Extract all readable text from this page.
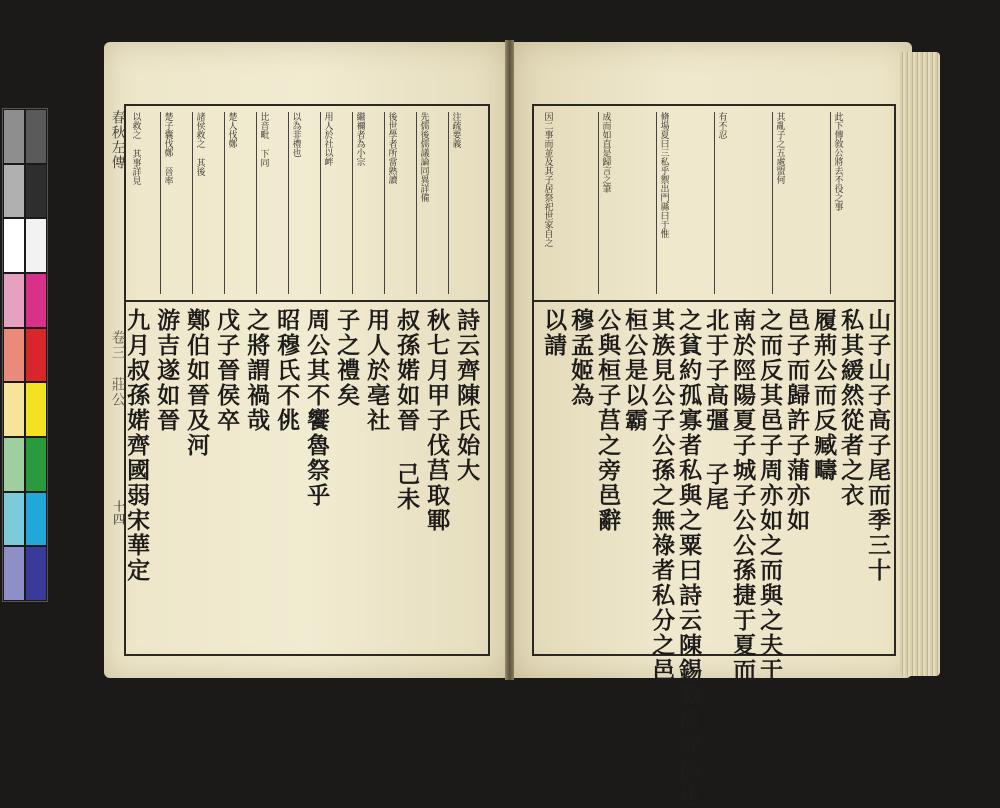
春秋左傳
卷三 莊公
十四
注疏要義
先儒後儒議論同異詳備
後世學者所當熟讀
繼禰者為小宗
用人於社以衅
以為非禮也
比音毗 下同
楚人伐鄭
諸侯救之 其後
楚子囊伐鄭 晉率
以救之 其事詳見
詩云齊陳氏始大
秋七月甲子伐莒取鄆
叔孫婼如晉 己未
用人於亳社
子之禮矣
周公其不饗魯祭乎
昭穆氏不佻
之將謂禍哉
戊子晉侯卒
鄭伯如晉及河
游吉遂如晉
九月叔孫婼齊國弱宋華定
此下傳敘公將去不役之事
其亂子之五處盟何
有不忍
脩場夏曰三私乎禦出門縣曰于惟
成而如直是歸言之筆
因二事而並及其子居祭祀世家自之
山子山子高子尾而季三十
私其緩然從者之衣
履荊公而反臧疇
邑子而歸許子蒲亦如
之而反其邑子周亦如之而與之夫于
南於陘陽夏子城子公公孫捷于夏而
北于子高彊 子尾
之貧約孤寡者私與之粟曰詩云陳錫載周能施也
其族見公子公孫之無祿者私分之邑
桓公是以霸
公與桓子莒之旁邑辭
穆孟姬為
以請
